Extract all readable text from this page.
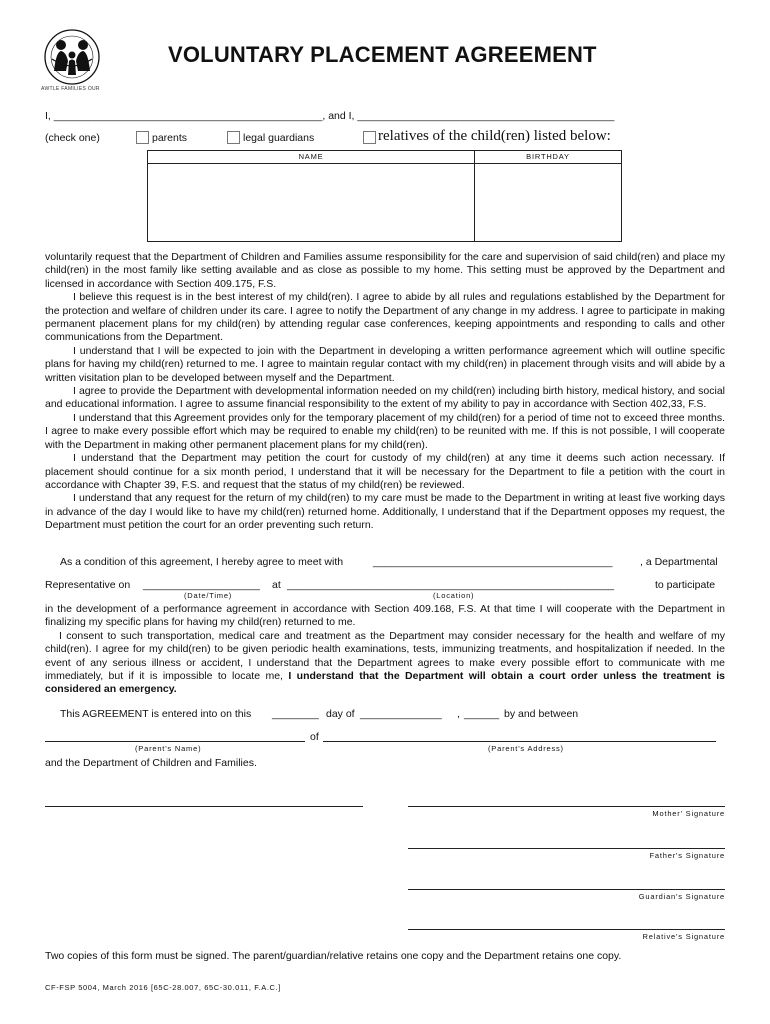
AWTLE FAMILIES OUR
VOLUNTARY PLACEMENT AGREEMENT
I, ______________________________________________, and I, ____________________________________________
(check one)	parents	legal guardians	relatives of the child(ren) listed below:
NAME	BIRTHDAY

voluntarily request that the Department of Children and Families assume responsibility for the care and supervision of said child(ren) and place my child(ren) in the most family like setting available and as close as possible to my home. This setting must be approved by the Department and licensed in accordance with Section 409.175, F.S.

I believe this request is in the best interest of my child(ren). I agree to abide by all rules and regulations established by the Department for the protection and welfare of children under its care. I agree to notify the Department of any change in my address. I agree to participate in making permanent placement plans for my child(ren) by attending regular case conferences, keeping appointments and responding to calls and other communications from the Department.

I understand that I will be expected to join with the Department in developing a written performance agreement which will outline specific plans for having my child(ren) returned to me. I agree to maintain regular contact with my child(ren) in placement through visits and will abide by a written visitation plan to be developed between myself and the Department.

I agree to provide the Department with developmental information needed on my child(ren) including birth history, medical history, and social and educational information. I agree to assume financial responsibility to the extent of my ability to pay in accordance with Section 402,33, F.S.

I understand that this Agreement provides only for the temporary placement of my child(ren) for a period of time not to exceed three months. I agree to make every possible effort which may be required to enable my child(ren) to be reunited with me. If this is not possible, I will cooperate with the Department in making other permanent placement plans for my child(ren).

I understand that the Department may petition the court for custody of my child(ren) at any time it deems such action necessary. If placement should continue for a six month period, I understand that it will be necessary for the Department to file a petition with the court in accordance with Chapter 39, F.S. and request that the status of my child(ren) be reviewed.

I understand that any request for the return of my child(ren) to my care must be made to the Department in writing at least five working days in advance of the day I would like to have my child(ren) returned home. Additionally, I understand that if the Department opposes my request, the Department must petition the court for an order preventing such return.

As a condition of this agreement, I hereby agree to meet with	_________________________________________	, a Departmental
Representative on ____________________ at ________________________________________________________	to participate
(Date/Time)	(Location)

in the development of a performance agreement in accordance with Section 409.168, F.S. At that time I will cooperate with the Department in finalizing my specific plans for having my child(ren) returned to me.

I consent to such transportation, medical care and treatment as the Department may consider necessary for the health and welfare of my child(ren). I agree for my child(ren) to be given periodic health examinations, tests, immunizing treatments, and hospitalization if needed. In the event of any serious illness or accident, I understand that the Department agrees to make every possible effort to communicate with me immediately, but if it is impossible to locate me, I understand that the Department will obtain a court order unless the treatment is considered an emergency.

This AGREEMENT is entered into on this ________ day of ______________ , ______ by and between
of
(Parent's Name)	(Parent's Address)
and the Department of Children and Families.
Mother' Signature
Father's Signature
Guardian's Signature
Relative's Signature
Two copies of this form must be signed. The parent/guardian/relative retains one copy and the Department retains one copy.
CF-FSP 5004, March 2016 [65C-28.007, 65C-30.011, F.A.C.]
